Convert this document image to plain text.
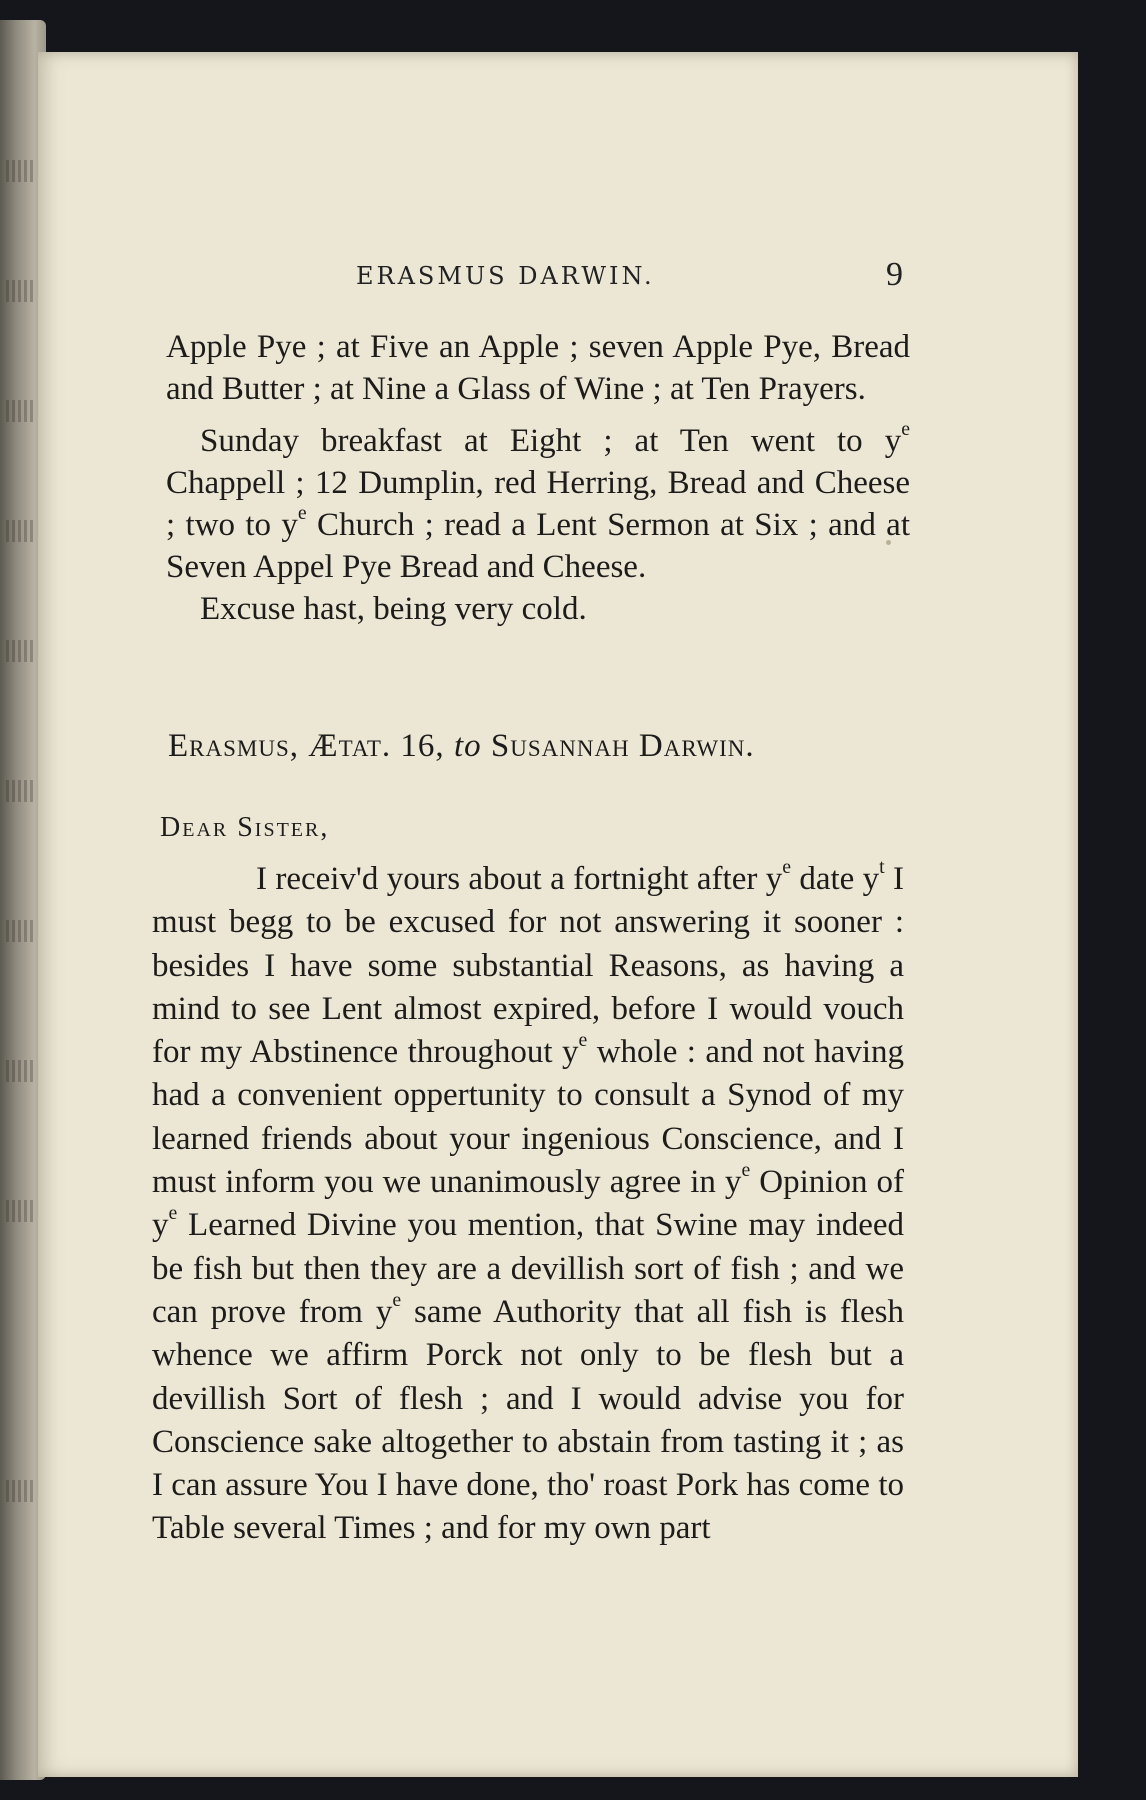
ERASMUS DARWIN.	9

Apple Pye ; at Five an Apple ; seven Apple Pye, Bread and Butter ; at Nine a Glass of Wine ; at Ten Prayers.

Sunday breakfast at Eight ; at Ten went to $y^e$ Chappell ; 12 Dumplin, red Herring, Bread and Cheese ; two to $y^e$ Church ; read a Lent Sermon at Six ; and at Seven Appel Pye Bread and Cheese.

Excuse hast, being very cold.

Erasmus, Ætat. 16, to Susannah Darwin.
Dear Sister,

I receiv'd yours about a fortnight after $y^e$ date $y^t$ I must begg to be excused for not answering it sooner : besides I have some substantial Reasons, as having a mind to see Lent almost expired, before I would vouch for my Abstinence throughout $y^e$ whole : and not having had a convenient oppertunity to consult a Synod of my learned friends about your ingenious Conscience, and I must inform you we unanimously agree in $y^e$ Opinion of $y^e$ Learned Divine you mention, that Swine may indeed be fish but then they are a devillish sort of fish ; and we can prove from $y^e$ same Authority that all fish is flesh whence we affirm Porck not only to be flesh but a devillish Sort of flesh ; and I would advise you for Conscience sake altogether to abstain from tasting it ; as I can assure You I have done, tho' roast Pork has come to Table several Times ; and for my own part
